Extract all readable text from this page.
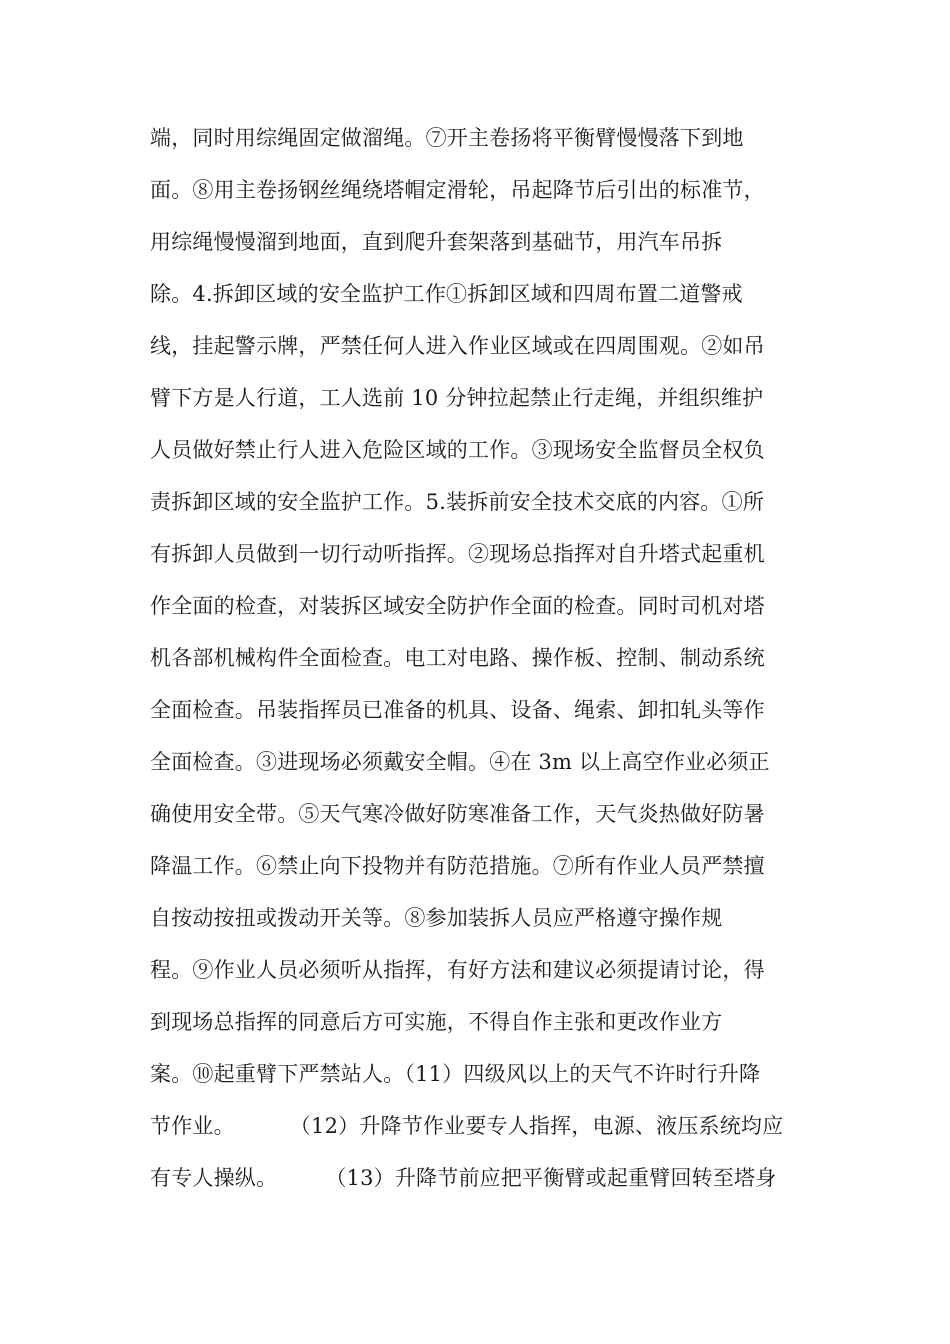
端，同时用综绳固定做溜绳。⑦开主卷扬将平衡臂慢慢落下到地
面。⑧用主卷扬钢丝绳绕塔帽定滑轮，吊起降节后引出的标准节，
用综绳慢慢溜到地面，直到爬升套架落到基础节，用汽车吊拆
除。4.拆卸区域的安全监护工作①拆卸区域和四周布置二道警戒
线，挂起警示牌，严禁任何人进入作业区域或在四周围观。②如吊
臂下方是人行道，工人选前 10 分钟拉起禁止行走绳，并组织维护
人员做好禁止行人进入危险区域的工作。③现场安全监督员全权负
责拆卸区域的安全监护工作。5.装拆前安全技术交底的内容。①所
有拆卸人员做到一切行动听指挥。②现场总指挥对自升塔式起重机
作全面的检查，对装拆区域安全防护作全面的检查。同时司机对塔
机各部机械构件全面检查。电工对电路、操作板、控制、制动系统
全面检查。吊装指挥员已准备的机具、设备、绳索、卸扣轧头等作
全面检查。③进现场必须戴安全帽。④在 3m 以上高空作业必须正
确使用安全带。⑤天气寒冷做好防寒准备工作，天气炎热做好防暑
降温工作。⑥禁止向下投物并有防范措施。⑦所有作业人员严禁擅
自按动按扭或拨动开关等。⑧参加装拆人员应严格遵守操作规
程。⑨作业人员必须听从指挥，有好方法和建议必须提请讨论，得
到现场总指挥的同意后方可实施，不得自作主张和更改作业方
案。⑩起重臂下严禁站人。（11）四级风以上的天气不许时行升降
节作业。        （12）升降节作业要专人指挥，电源、液压系统均应
有专人操纵。       （13）升降节前应把平衡臂或起重臂回转至塔身
